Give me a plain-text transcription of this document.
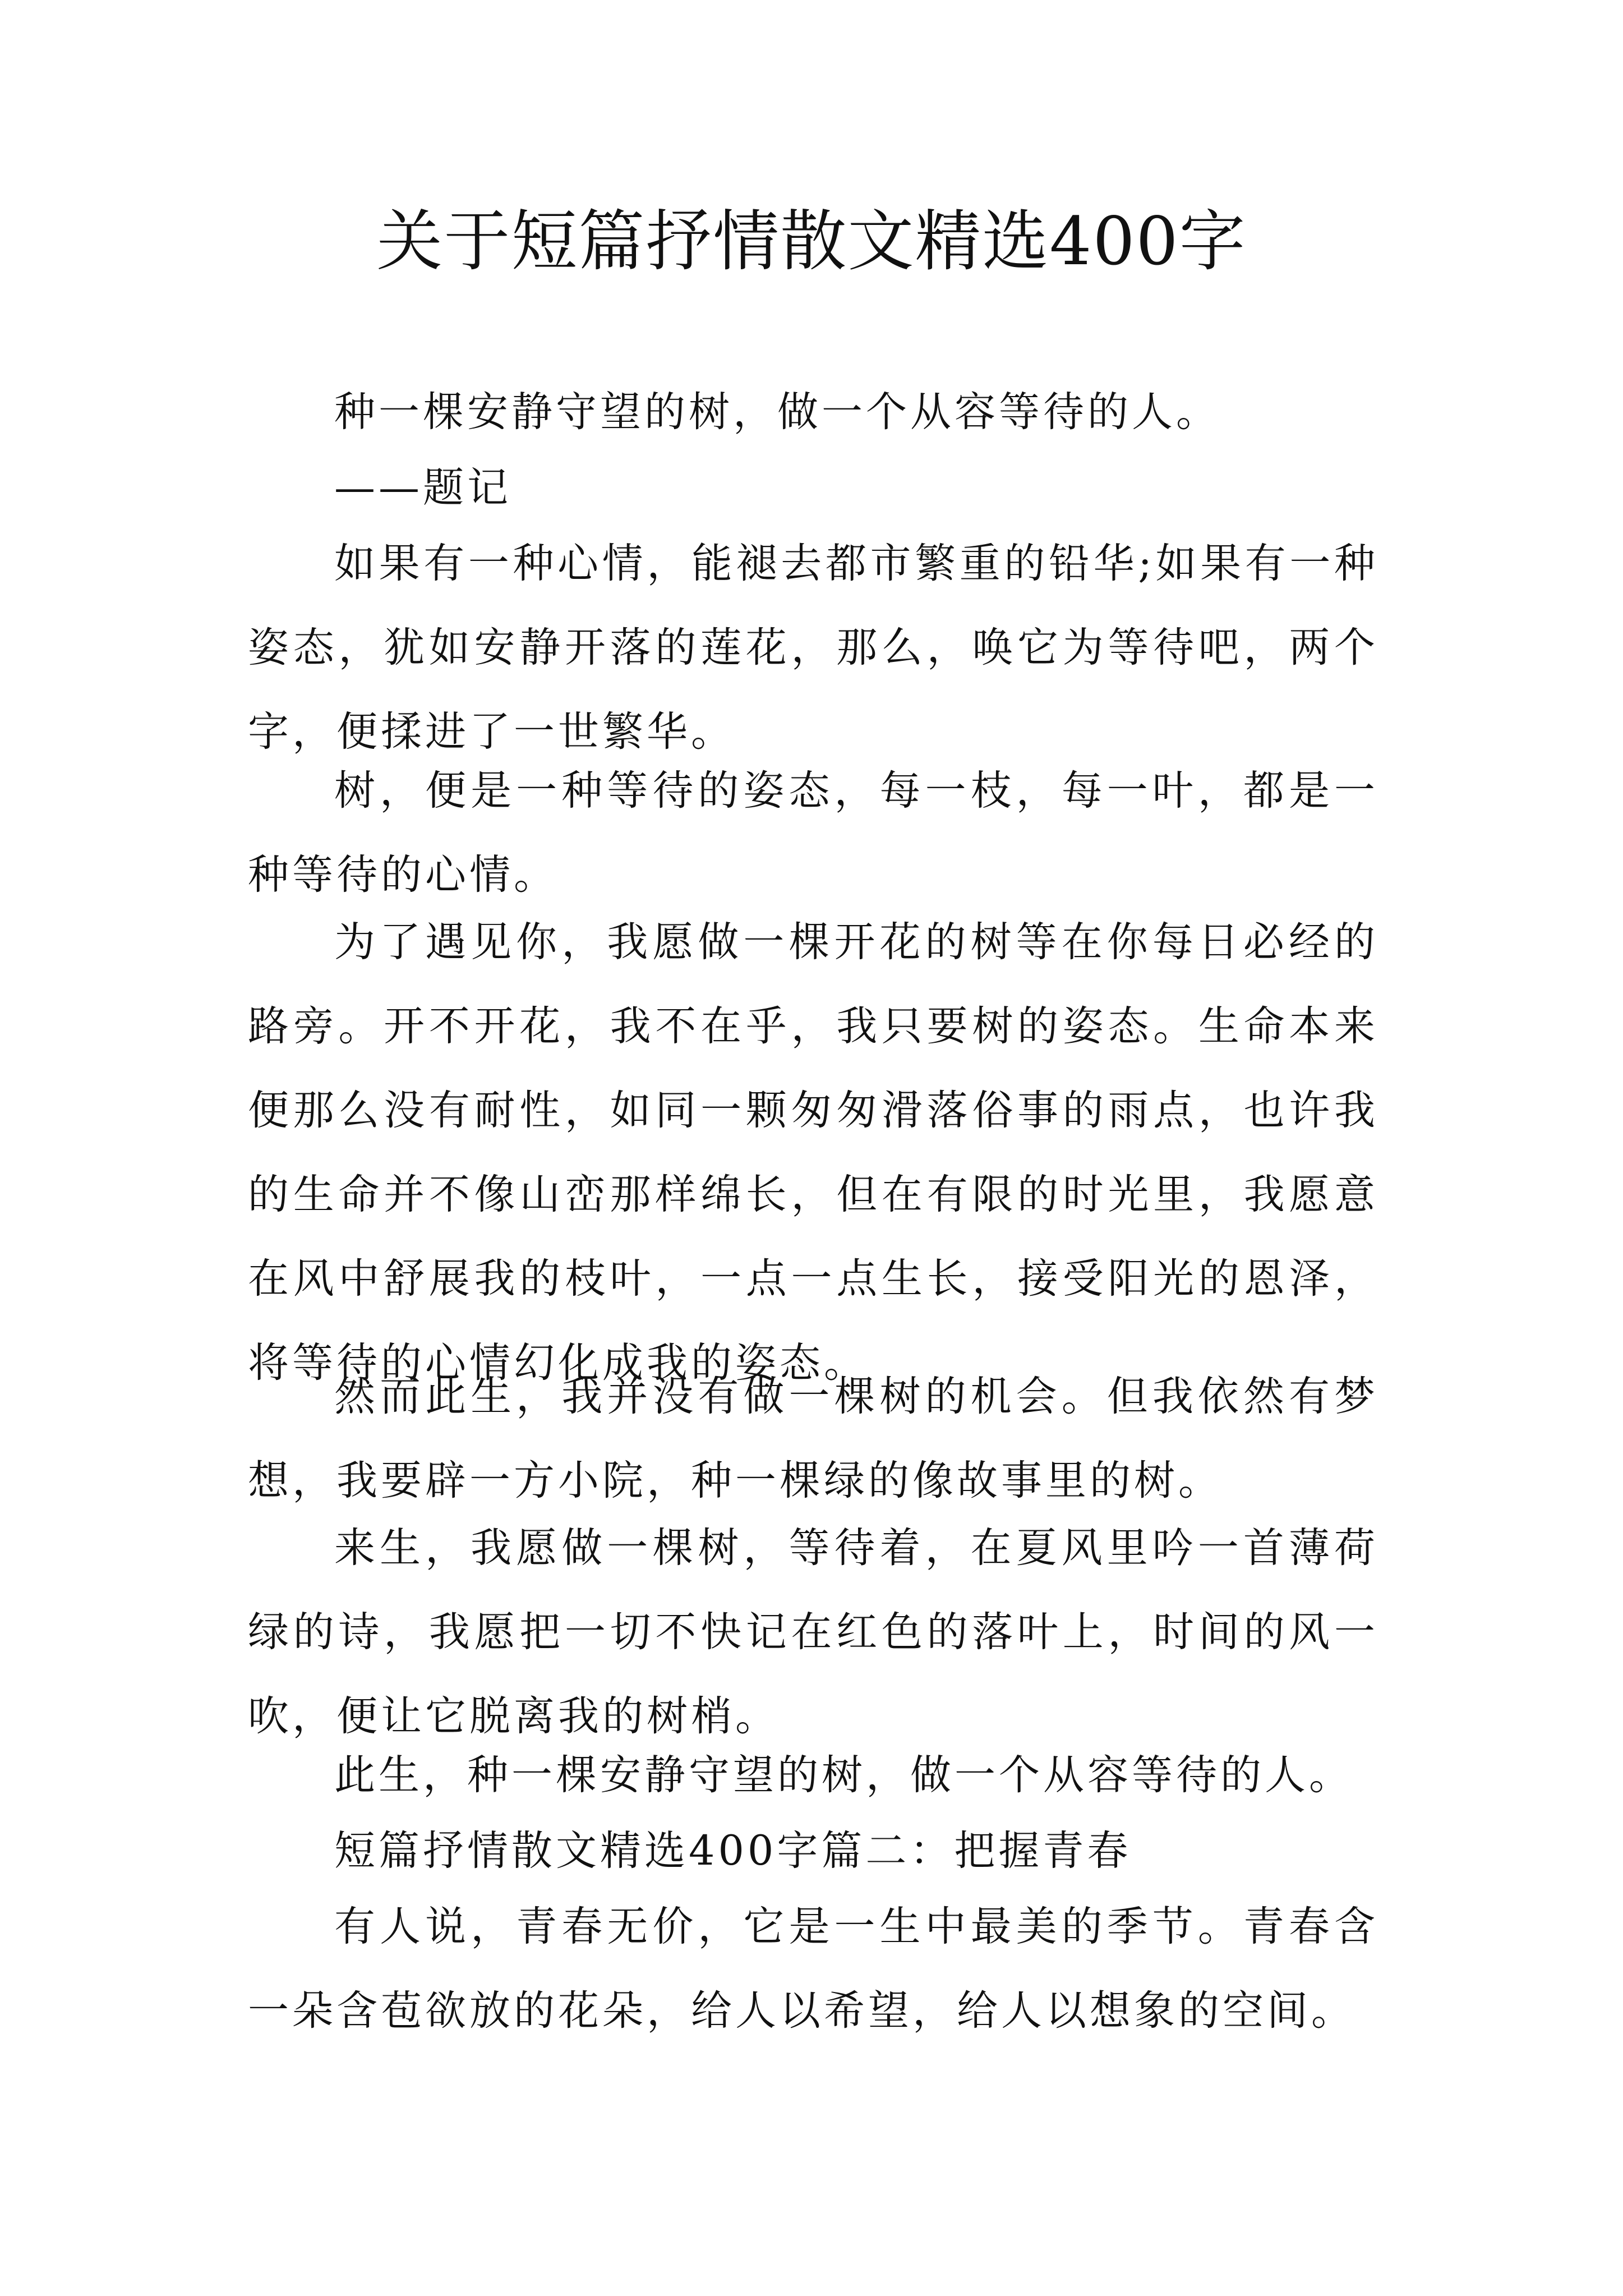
关于短篇抒情散文精选400字

种一棵安静守望的树，做一个从容等待的人。

——题记

如果有一种心情，能褪去都市繁重的铅华;如果有一种姿态，犹如安静开落的莲花，那么，唤它为等待吧，两个字，便揉进了一世繁华。

树，便是一种等待的姿态，每一枝，每一叶，都是一种等待的心情。

为了遇见你，我愿做一棵开花的树等在你每日必经的路旁。开不开花，我不在乎，我只要树的姿态。生命本来便那么没有耐性，如同一颗匆匆滑落俗事的雨点，也许我的生命并不像山峦那样绵长，但在有限的时光里，我愿意在风中舒展我的枝叶，一点一点生长，接受阳光的恩泽，将等待的心情幻化成我的姿态。

然而此生，我并没有做一棵树的机会。但我依然有梦想，我要辟一方小院，种一棵绿的像故事里的树。

来生，我愿做一棵树，等待着，在夏风里吟一首薄荷绿的诗，我愿把一切不快记在红色的落叶上，时间的风一吹，便让它脱离我的树梢。

此生，种一棵安静守望的树，做一个从容等待的人。

短篇抒情散文精选400字篇二：把握青春

有人说，青春无价，它是一生中最美的季节。青春含一朵含苞欲放的花朵，给人以希望，给人以想象的空间。
